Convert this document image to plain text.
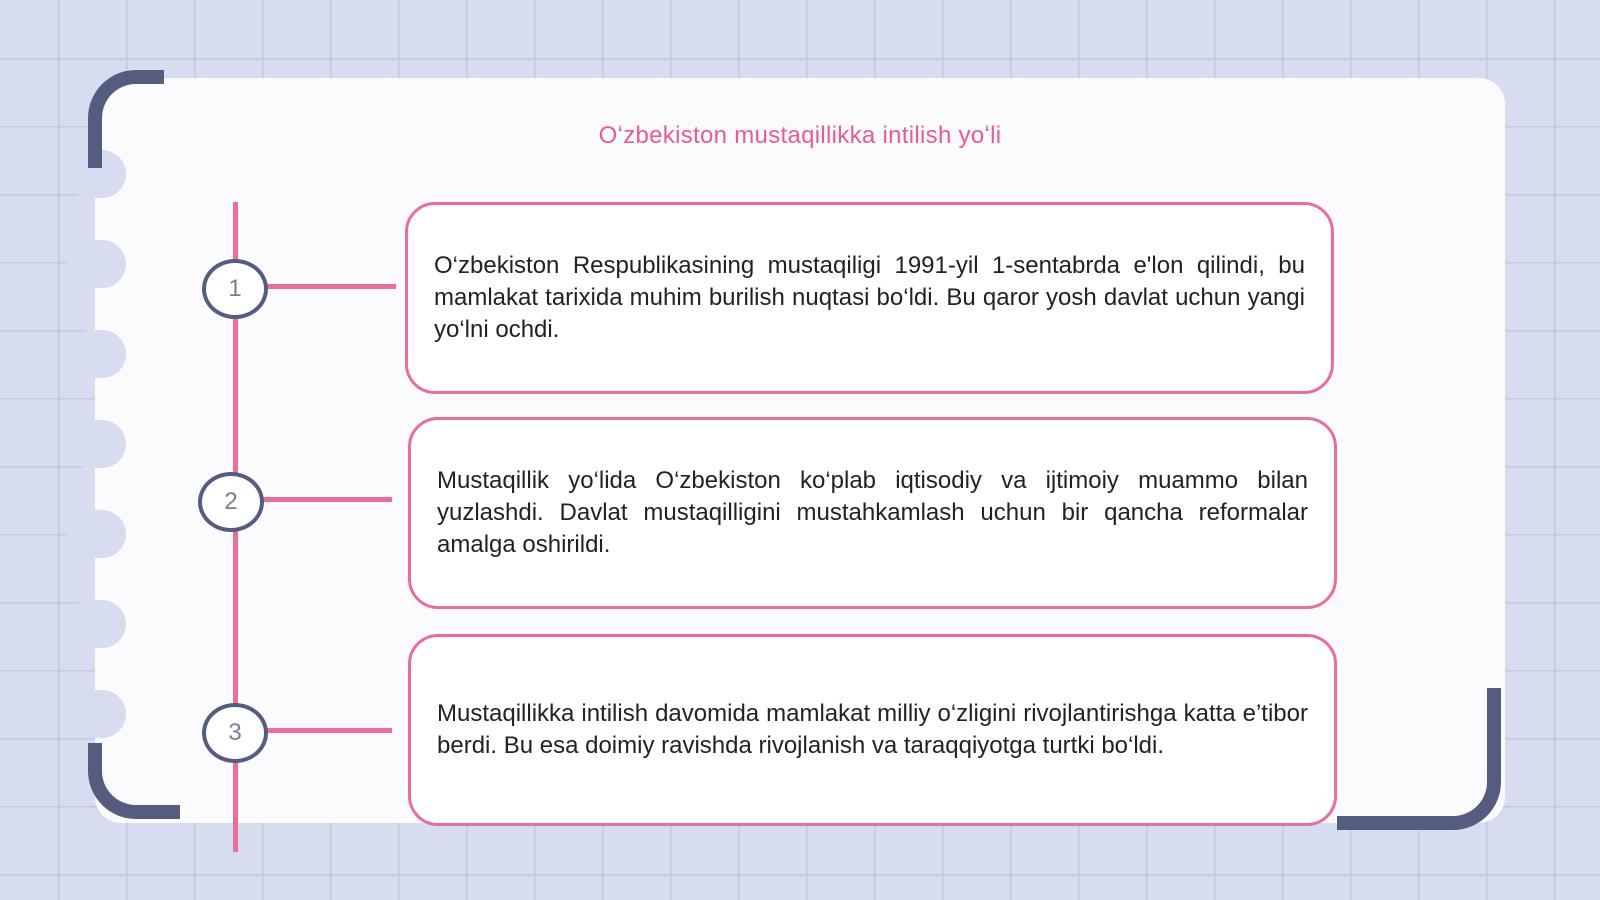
Oʻzbekiston mustaqillikka intilish yoʻli
1
2
3
O‘zbekiston Respublikasining mustaqiligi 1991-yil 1-sentabrda e'lon qilindi, bu mamlakat tarixida muhim burilish nuqtasi bo‘ldi. Bu qaror yosh davlat uchun yangi yo‘lni ochdi.
Mustaqillik yo‘lida O‘zbekiston ko‘plab iqtisodiy va ijtimoiy muammo bilan yuzlashdi. Davlat mustaqilligini mustahkamlash uchun bir qancha reformalar amalga oshirildi.
Mustaqillikka intilish davomida mamlakat milliy o‘zligini rivojlantirishga katta e’tibor berdi. Bu esa doimiy ravishda rivojlanish va taraqqiyotga turtki bo‘ldi.
